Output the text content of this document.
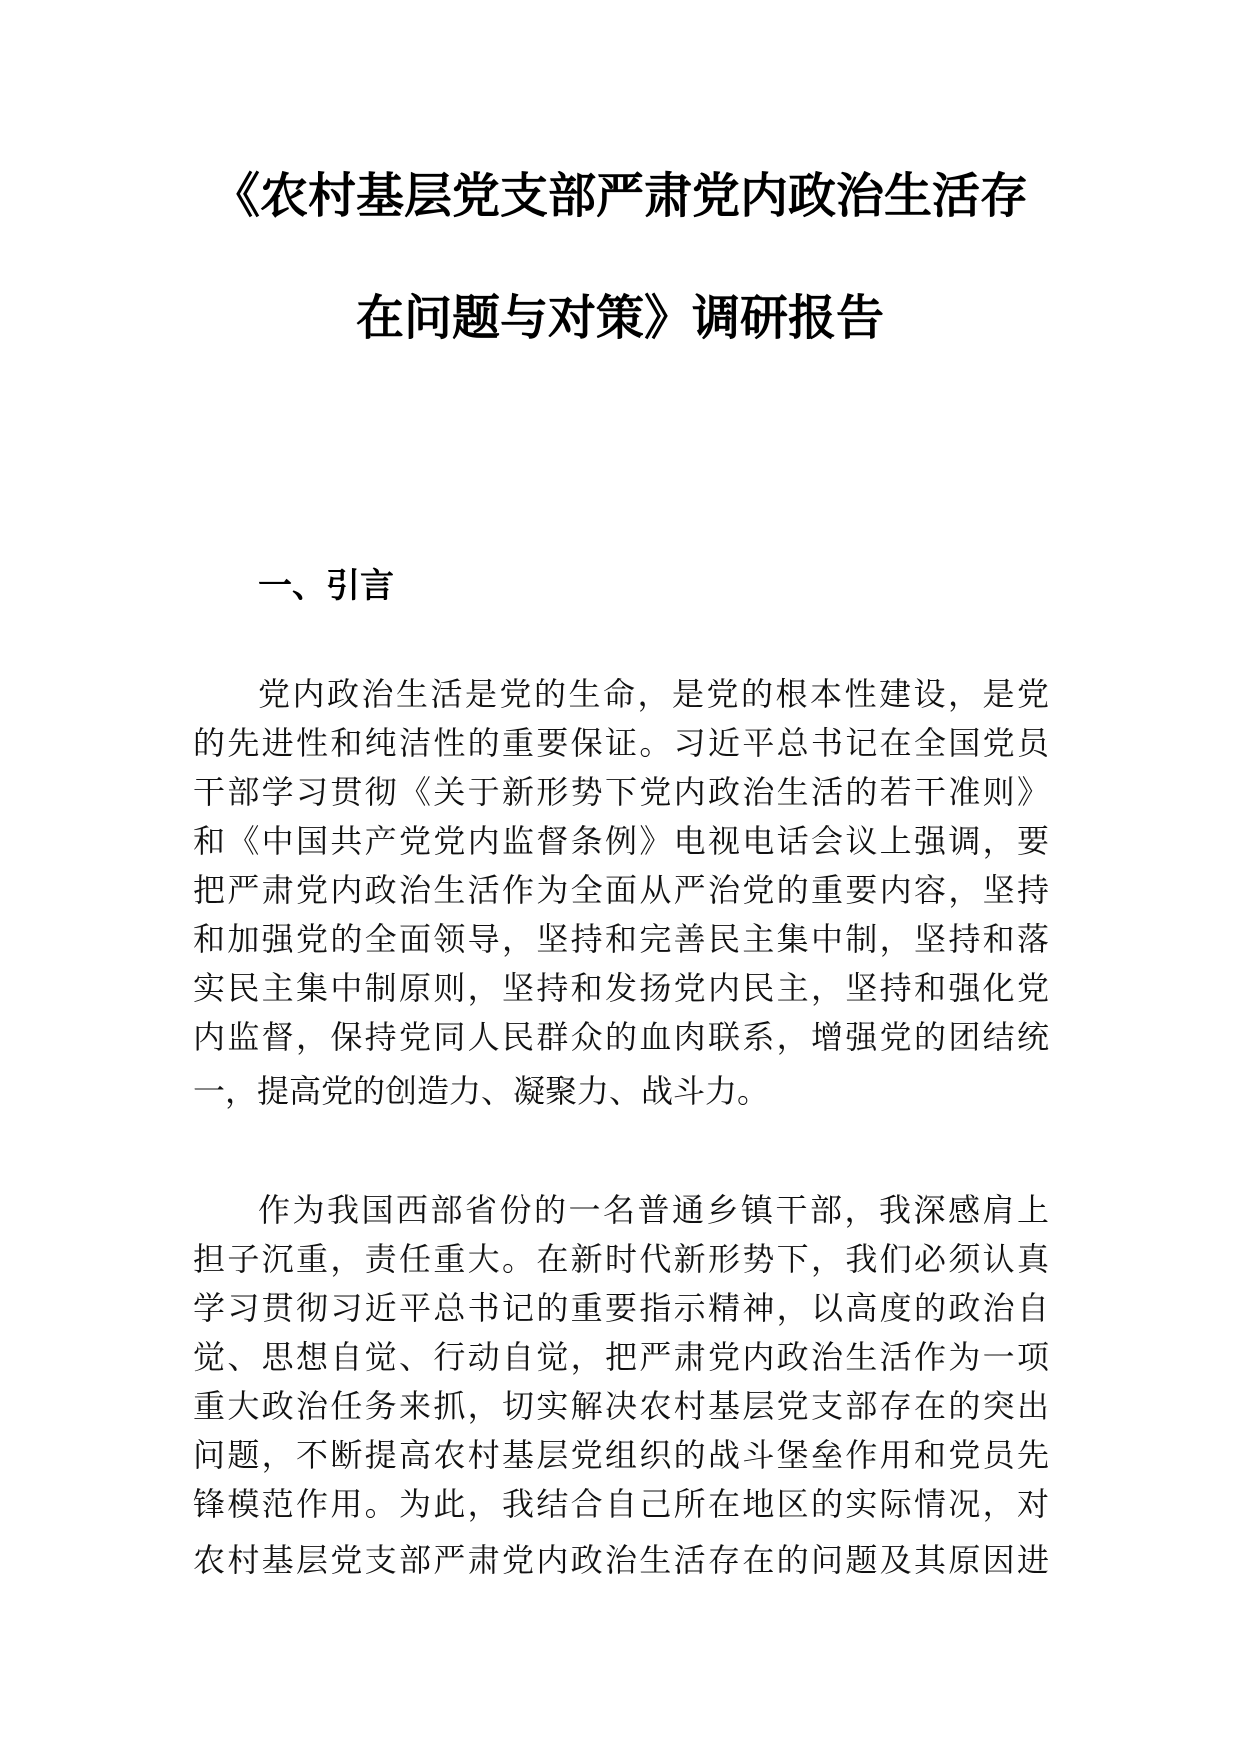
《农村基层党支部严肃党内政治生活存
在问题与对策》调研报告
一、引言
党内政治生活是党的生命，是党的根本性建设，是党
的先进性和纯洁性的重要保证。习近平总书记在全国党员
干部学习贯彻《关于新形势下党内政治生活的若干准则》
和《中国共产党党内监督条例》电视电话会议上强调，要
把严肃党内政治生活作为全面从严治党的重要内容，坚持
和加强党的全面领导，坚持和完善民主集中制，坚持和落
实民主集中制原则，坚持和发扬党内民主，坚持和强化党
内监督，保持党同人民群众的血肉联系，增强党的团结统
一，提高党的创造力、凝聚力、战斗力。
作为我国西部省份的一名普通乡镇干部，我深感肩上
担子沉重，责任重大。在新时代新形势下，我们必须认真
学习贯彻习近平总书记的重要指示精神，以高度的政治自
觉、思想自觉、行动自觉，把严肃党内政治生活作为一项
重大政治任务来抓，切实解决农村基层党支部存在的突出
问题，不断提高农村基层党组织的战斗堡垒作用和党员先
锋模范作用。为此，我结合自己所在地区的实际情况，对
农村基层党支部严肃党内政治生活存在的问题及其原因进
